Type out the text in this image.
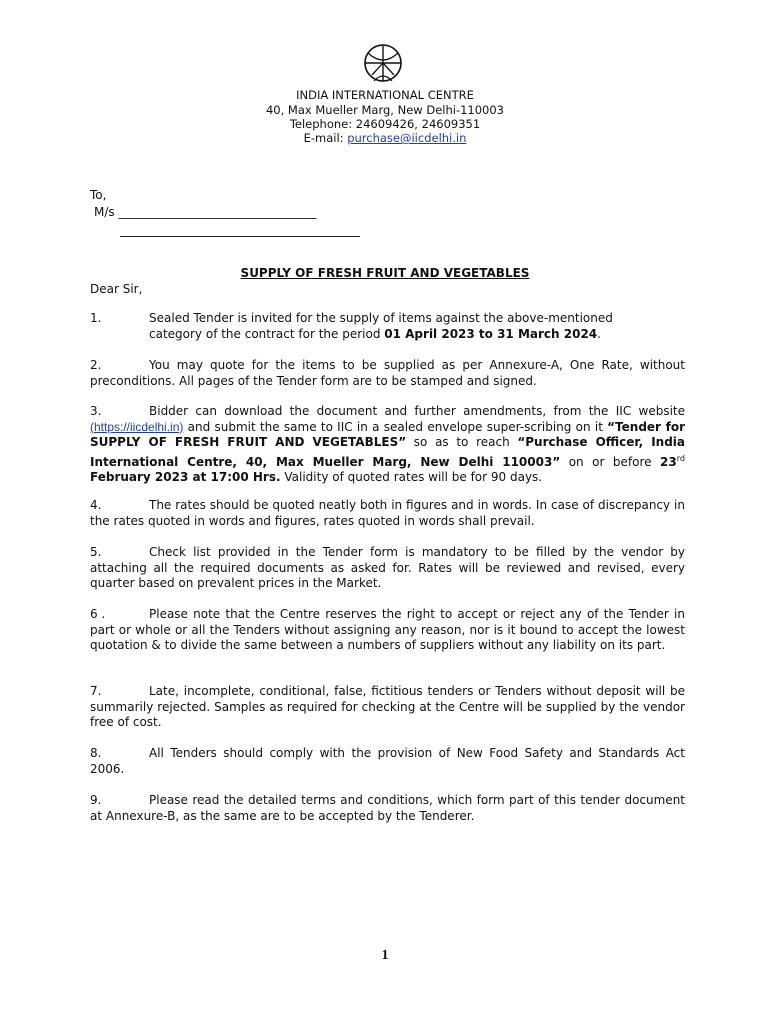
INDIA INTERNATIONAL CENTRE
40, Max Mueller Marg, New Delhi-110003
Telephone: 24609426, 24609351
E-mail: purchase@iicdelhi.in
To,
M/s _________________________________
SUPPLY OF FRESH FRUIT AND VEGETABLES
Dear Sir,
1.	Sealed Tender is invited for the supply of items against the above-mentioned
category of the contract for the period 01 April 2023 to 31 March 2024.
2.	You may quote for the items to be supplied as per Annexure-A, One Rate, without preconditions. All pages of the Tender form are to be stamped and signed.
3.	Bidder can download the document and further amendments, from the IIC website (https://iicdelhi.in) and submit the same to IIC in a sealed envelope super-scribing on it “Tender for SUPPLY OF FRESH FRUIT AND VEGETABLES” so as to reach “Purchase Officer, India International Centre, 40, Max Mueller Marg, New Delhi 110003” on or before 23rd February 2023 at 17:00 Hrs. Validity of quoted rates will be for 90 days.
4.	The rates should be quoted neatly both in figures and in words. In case of discrepancy in the rates quoted in words and figures, rates quoted in words shall prevail.
5.	Check list provided in the Tender form is mandatory to be filled by the vendor by attaching all the required documents as asked for. Rates will be reviewed and revised, every quarter based on prevalent prices in the Market.
6 .	Please note that the Centre reserves the right to accept or reject any of the Tender in part or whole or all the Tenders without assigning any reason, nor is it bound to accept the lowest quotation & to divide the same between a numbers of suppliers without any liability on its part.
7.	Late, incomplete, conditional, false, fictitious tenders or Tenders without deposit will be summarily rejected. Samples as required for checking at the Centre will be supplied by the vendor free of cost.
8.	All Tenders should comply with the provision of New Food Safety and Standards Act 2006.
9.	Please read the detailed terms and conditions, which form part of this tender document at Annexure-B, as the same are to be accepted by the Tenderer.
1
